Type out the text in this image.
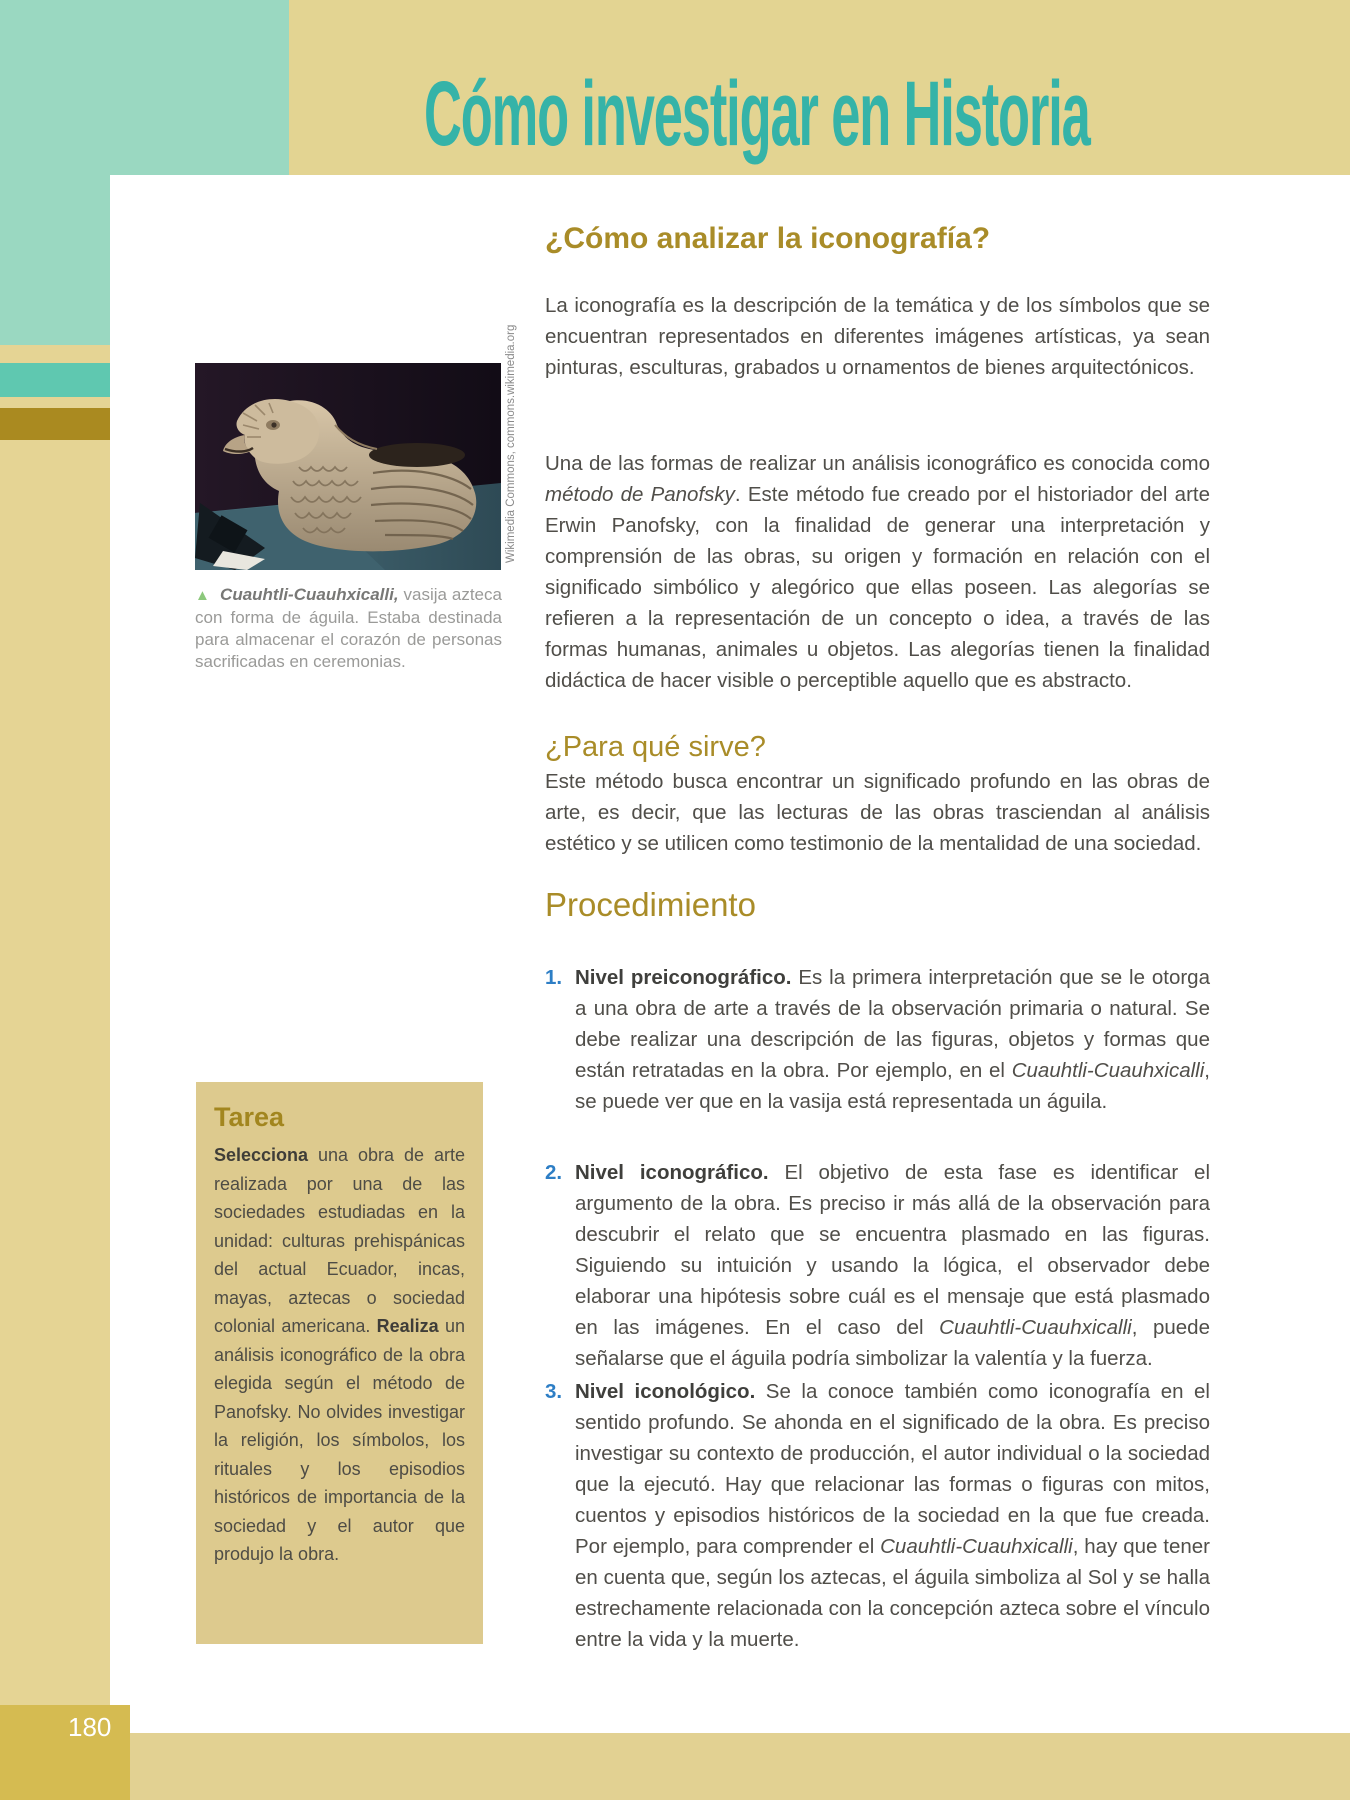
Cómo investigar en Historia
180
Wikimedia Commons, commons.wikimedia.org
▲ Cuauhtli-Cuauhxicalli, vasija azteca con forma de águila. Estaba destinada para almacenar el corazón de personas sacrificadas en ceremonias.
¿Cómo analizar la iconografía?
La iconografía es la descripción de la temática y de los símbolos que se encuentran representados en diferentes imágenes artísticas, ya sean pinturas, esculturas, grabados u ornamentos de bienes arquitectónicos.
Una de las formas de realizar un análisis iconográfico es conocida como método de Panofsky. Este método fue creado por el historiador del arte Erwin Panofsky, con la finalidad de generar una interpretación y comprensión de las obras, su origen y formación en relación con el significado simbólico y alegórico que ellas poseen. Las alegorías se refieren a la representación de un concepto o idea, a través de las formas humanas, animales u objetos. Las alegorías tienen la finalidad didáctica de hacer visible o perceptible aquello que es abstracto.
¿Para qué sirve?
Este método busca encontrar un significado profundo en las obras de arte, es decir, que las lecturas de las obras trasciendan al análisis estético y se utilicen como testimonio de la mentalidad de una sociedad.
Procedimiento
1. Nivel preiconográfico. Es la primera interpretación que se le otorga a una obra de arte a través de la observación primaria o natural. Se debe realizar una descripción de las figuras, objetos y formas que están retratadas en la obra. Por ejemplo, en el Cuauhtli-Cuauhxicalli, se puede ver que en la vasija está representada un águila.
2. Nivel iconográfico. El objetivo de esta fase es identificar el argumento de la obra. Es preciso ir más allá de la observación para descubrir el relato que se encuentra plasmado en las figuras. Siguiendo su intuición y usando la lógica, el observador debe elaborar una hipótesis sobre cuál es el mensaje que está plasmado en las imágenes. En el caso del Cuauhtli-Cuauhxicalli, puede señalarse que el águila podría simbolizar la valentía y la fuerza.
3. Nivel iconológico. Se la conoce también como iconografía en el sentido profundo. Se ahonda en el significado de la obra. Es preciso investigar su contexto de producción, el autor individual o la sociedad que la ejecutó. Hay que relacionar las formas o figuras con mitos, cuentos y episodios históricos de la sociedad en la que fue creada. Por ejemplo, para comprender el Cuauhtli-Cuauhxicalli, hay que tener en cuenta que, según los aztecas, el águila simboliza al Sol y se halla estrechamente relacionada con la concepción azteca sobre el vínculo entre la vida y la muerte.
Tarea
Selecciona una obra de arte realizada por una de las sociedades estudiadas en la unidad: culturas prehispánicas del actual Ecuador, incas, mayas, aztecas o sociedad colonial americana. Realiza un análisis iconográfico de la obra elegida según el método de Panofsky. No olvides investigar la religión, los símbolos, los rituales y los episodios históricos de importancia de la sociedad y el autor que produjo la obra.
